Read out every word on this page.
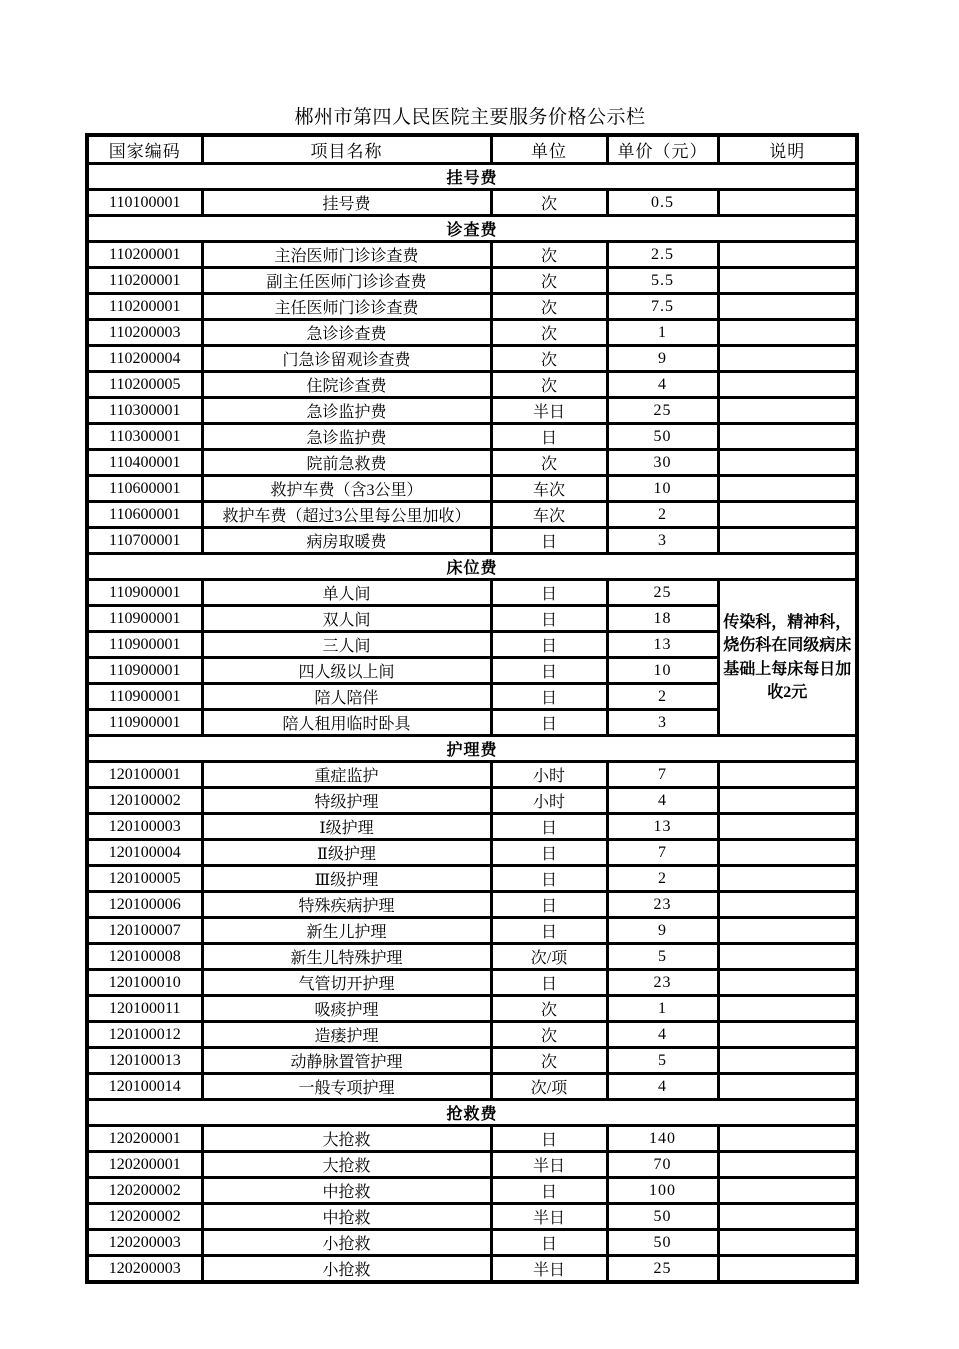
郴州市第四人民医院主要服务价格公示栏
国家编码	项目名称	单位	单价（元）	说明
挂号费				
110100001	挂号费	次	0.5	
诊查费				
110200001	主治医师门诊诊查费	次	2.5	
110200001	副主任医师门诊诊查费	次	5.5	
110200001	主任医师门诊诊查费	次	7.5	
110200003	急诊诊查费	次	1	
110200004	门急诊留观诊查费	次	9	
110200005	住院诊查费	次	4	
110300001	急诊监护费	半日	25	
110300001	急诊监护费	日	50	
110400001	院前急救费	次	30	
110600001	救护车费（含3公里）	车次	10	
110600001	救护车费（超过3公里每公里加收）	车次	2	
110700001	病房取暖费	日	3	
床位费				
110900001	单人间	日	25	传染科，精神科，烧伤科在同级病床基础上每床每日加收2元
110900001	双人间	日	18	
110900001	三人间	日	13	
110900001	四人级以上间	日	10	
110900001	陪人陪伴	日	2	
110900001	陪人租用临时卧具	日	3	
护理费				
120100001	重症监护	小时	7	
120100002	特级护理	小时	4	
120100003	Ⅰ级护理	日	13	
120100004	Ⅱ级护理	日	7	
120100005	Ⅲ级护理	日	2	
120100006	特殊疾病护理	日	23	
120100007	新生儿护理	日	9	
120100008	新生儿特殊护理	次/项	5	
120100010	气管切开护理	日	23	
120100011	吸痰护理	次	1	
120100012	造瘘护理	次	4	
120100013	动静脉置管护理	次	5	
120100014	一般专项护理	次/项	4	
抢救费				
120200001	大抢救	日	140	
120200001	大抢救	半日	70	
120200002	中抢救	日	100	
120200002	中抢救	半日	50	
120200003	小抢救	日	50	
120200003	小抢救	半日	25	
